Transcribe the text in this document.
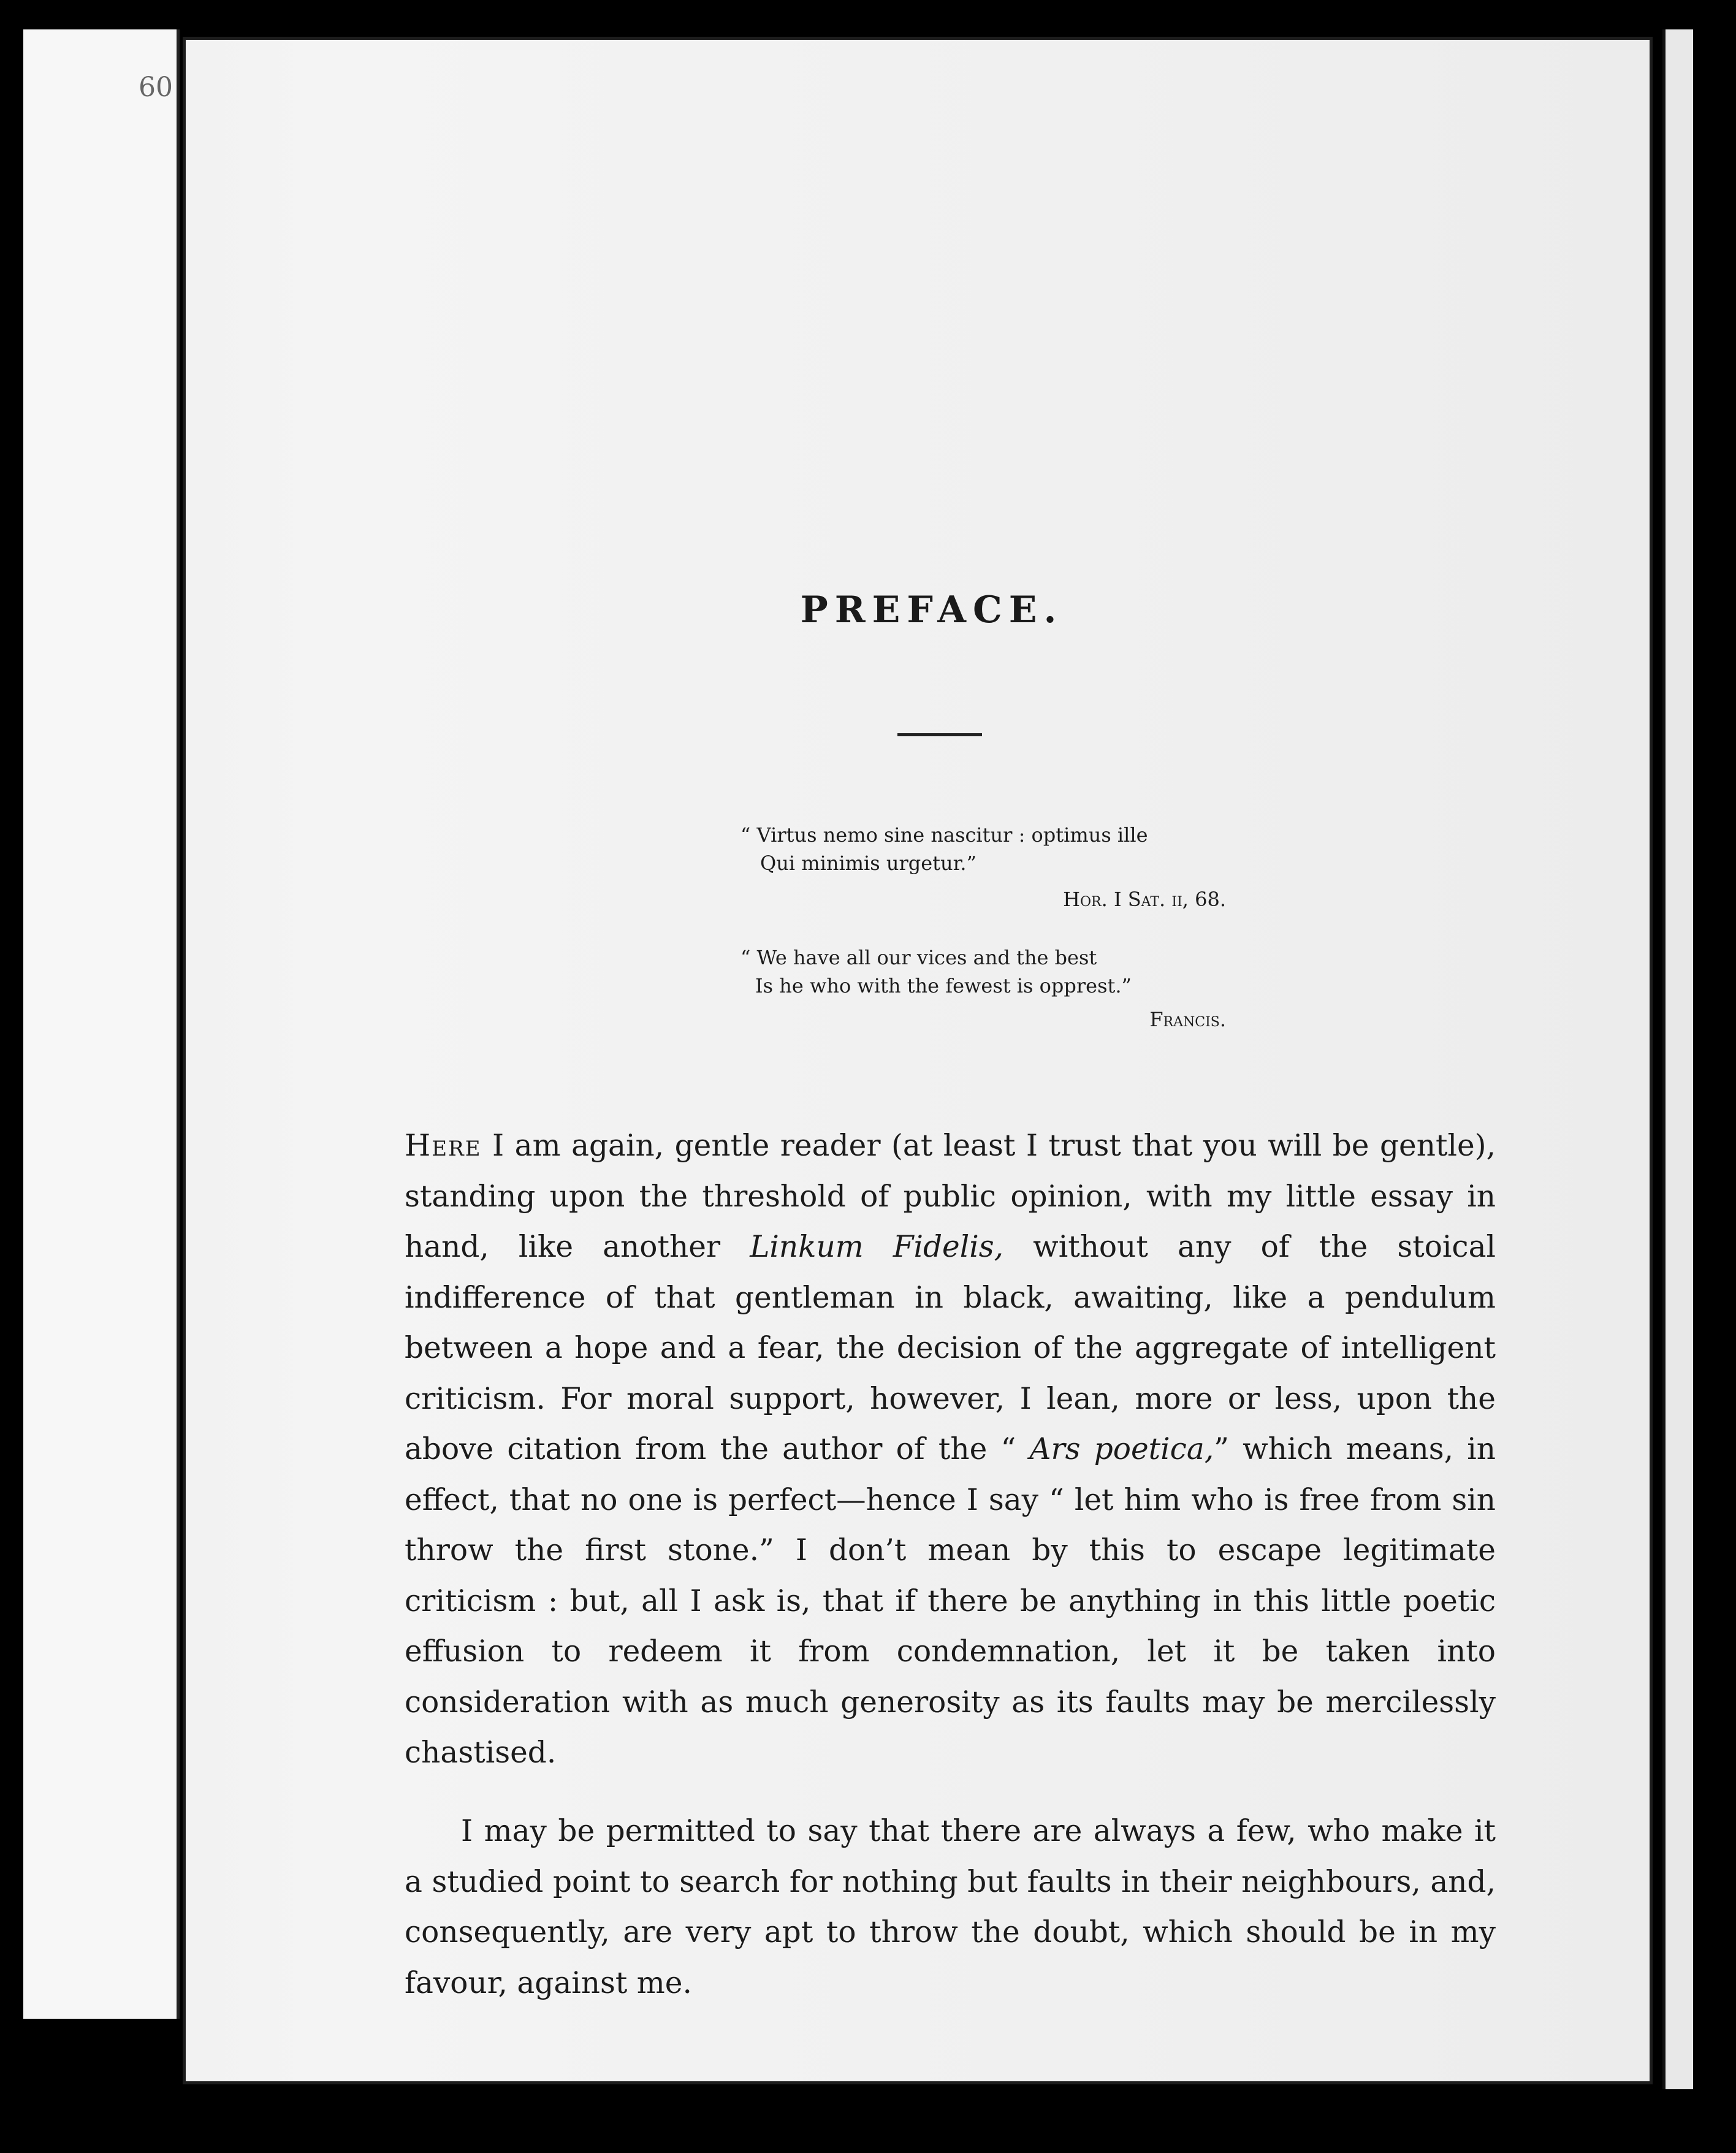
60
PREFACE.
“ Virtus nemo sine nascitur : optimus ille
Qui minimis urgetur.”
Hor. I Sat. ii, 68.
“ We have all our vices and the best
Is he who with the fewest is opprest.”
Francis.

Here I am again, gentle reader (at least I trust that you will be gentle), standing upon the threshold of public opinion, with my little essay in hand, like another Linkum Fidelis, without any of the stoical indifference of that gentleman in black, awaiting, like a pendulum between a hope and a fear, the decision of the aggregate of intelligent criticism. For moral support, however, I lean, more or less, upon the above citation from the author of the “ Ars poetica,” which means, in effect, that no one is perfect—hence I say “ let him who is free from sin throw the first stone.” I don’t mean by this to escape legitimate criticism : but, all I ask is, that if there be anything in this little poetic effusion to redeem it from condemnation, let it be taken into consideration with as much generosity as its faults may be mercilessly chastised.

I may be permitted to say that there are always a few, who make it a studied point to search for nothing but faults in their neighbours, and, consequently, are very apt to throw the doubt, which should be in my favour, against me.
